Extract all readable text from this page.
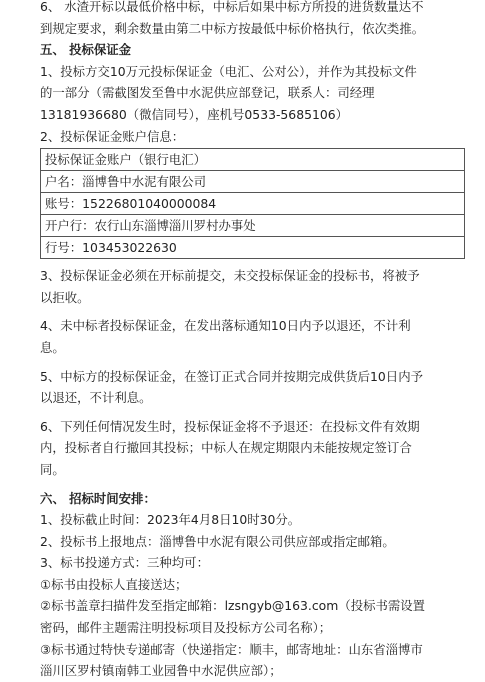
6、 水渣开标以最低价格中标，中标后如果中标方所投的进货数量达不

到规定要求，剩余数量由第二中标方按最低中标价格执行，依次类推。

五、 投标保证金

1、投标方交10万元投标保证金（电汇、公对公），并作为其投标文件

的一部分（需截图发至鲁中水泥供应部登记，联系人：司经理

13181936680（微信同号），座机号0533-5685106）

2、投标保证金账户信息：

投标保证金账户（银行电汇）
户名：淄博鲁中水泥有限公司
账号：15226801040000084
开户行：农行山东淄博淄川罗村办事处
行号：103453022630

3、投标保证金必须在开标前提交，未交投标保证金的投标书，将被予

以拒收。

4、未中标者投标保证金，在发出落标通知10日内予以退还，不计利

息。

5、中标方的投标保证金，在签订正式合同并按期完成供货后10日内予

以退还，不计利息。

6、下列任何情况发生时，投标保证金将不予退还：在投标文件有效期

内，投标者自行撤回其投标；中标人在规定期限内未能按规定签订合

同。

六、 招标时间安排：

1、投标截止时间：2023年4月8日10时30分。

2、投标书上报地点：淄博鲁中水泥有限公司供应部或指定邮箱。

3、标书投递方式：三种均可：

①标书由投标人直接送达；

②标书盖章扫描件发至指定邮箱：lzsngyb@163.com（投标书需设置

密码，邮件主题需注明投标项目及投标方公司名称）；

③标书通过特快专递邮寄（快递指定：顺丰，邮寄地址：山东省淄博市

淄川区罗村镇南韩工业园鲁中水泥供应部）；
